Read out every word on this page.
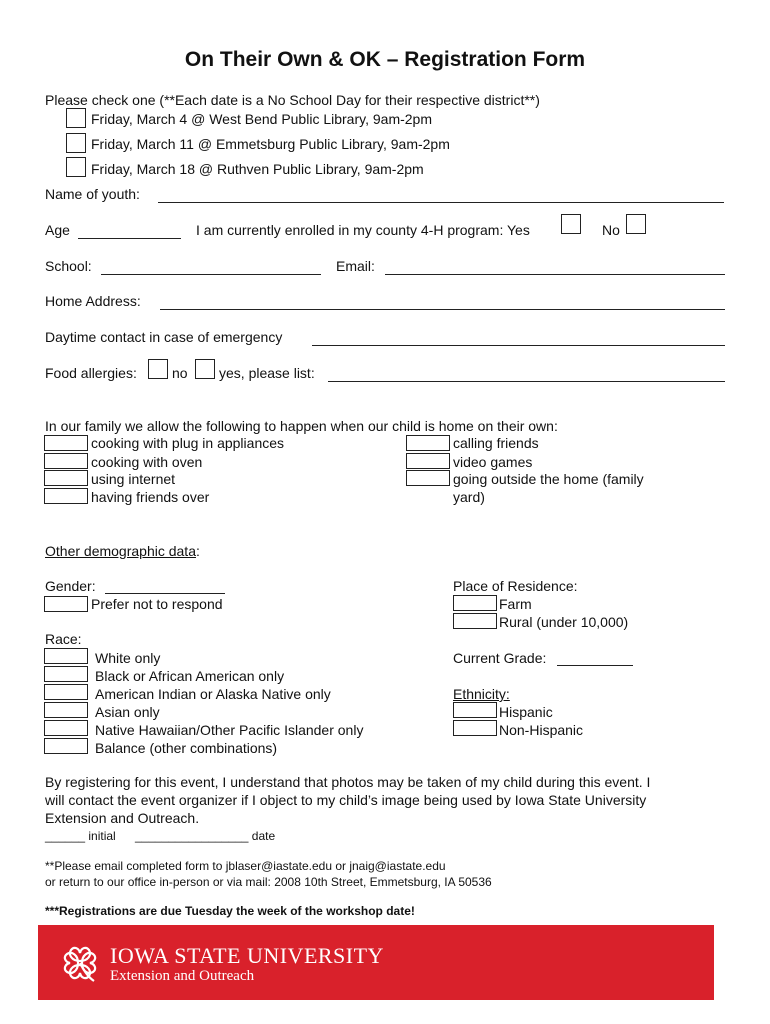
On Their Own & OK – Registration Form
Please check one (**Each date is a No School Day for their respective district**)
Friday, March 4 @ West Bend Public Library, 9am-2pm
Friday, March 11 @ Emmetsburg Public Library, 9am-2pm
Friday, March 18 @ Ruthven Public Library, 9am-2pm
Name of youth:
Age	I am currently enrolled in my county 4-H program: Yes	No
School:	Email:
Home Address:
Daytime contact in case of emergency
Food allergies:	no yes, please list:
In our family we allow the following to happen when our child is home on their own:
cooking with plug in appliances
cooking with oven
using internet
having friends over
calling friends
video games
going outside the home (family
yard)
Other demographic data:
Gender:
Prefer not to respond
Race:
White only
Black or African American only
American Indian or Alaska Native only
Asian only
Native Hawaiian/Other Pacific Islander only
Balance (other combinations)
Place of Residence:
Farm
Rural (under 10,000)
Current Grade:
Ethnicity:
Hispanic
Non-Hispanic
By registering for this event, I understand that photos may be taken of my child during this event. I
will contact the event organizer if I object to my child’s image being used by Iowa State University
Extension and Outreach.
______ initial _________________ date
**Please email completed form to jblaser@iastate.edu or jnaig@iastate.edu
or return to our office in-person or via mail: 2008 10th Street, Emmetsburg, IA 50536
***Registrations are due Tuesday the week of the workshop date!
IOWA STATE UNIVERSITY
Extension and Outreach
